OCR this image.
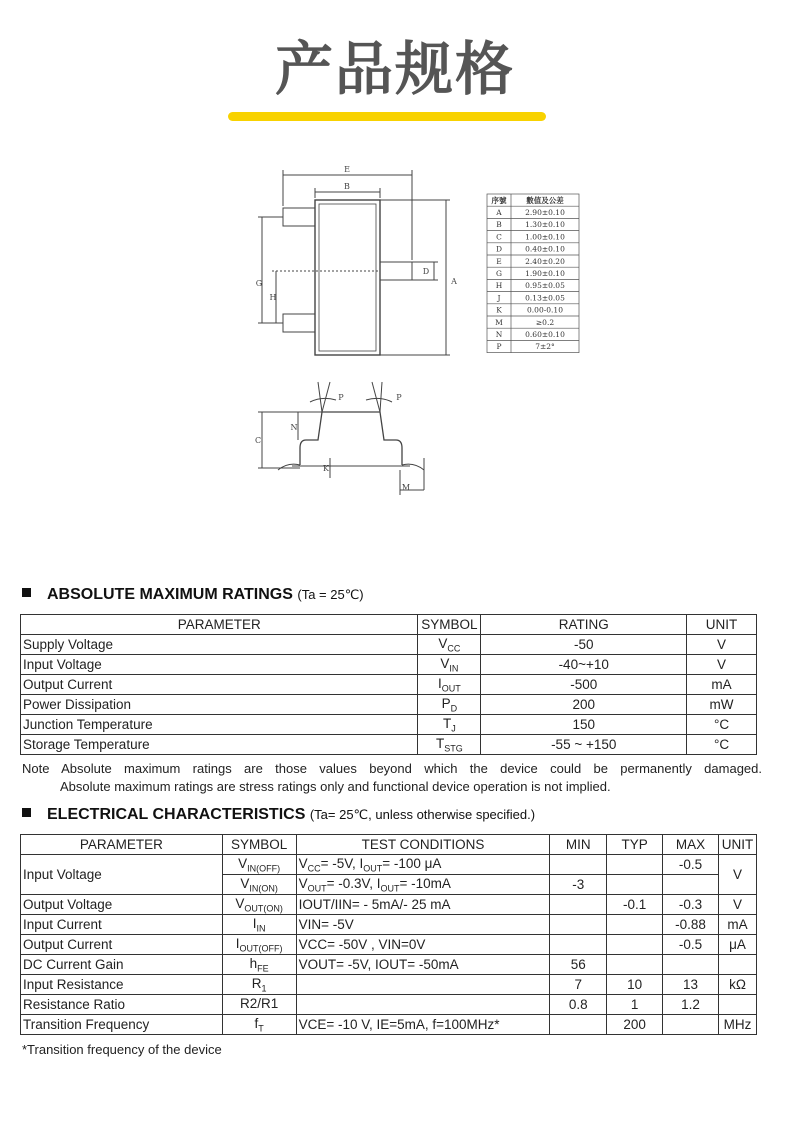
产品规格
E
B
G
H
D
A
P	P
N
C
K
M
序號	數值及公差
A	2.90±0.10
B	1.30±0.10
C	1.00±0.10
D	0.40±0.10
E	2.40±0.20
G	1.90±0.10
H	0.95±0.05
J	0.13±0.05
K	0.00-0.10
M	≥0.2
N	0.60±0.10
P	7±2°
ABSOLUTE MAXIMUM RATINGS (Ta = 25℃)
PARAMETER	SYMBOL	RATING	UNIT
Supply Voltage	$V_{CC}$	-50	V
Input Voltage	$V_{IN}$	-40~+10	V
Output Current	$I_{OUT}$	-500	mA
Power Dissipation	$P_D$	200	mW
Junction Temperature	$T_J$	150	°C
Storage Temperature	$T_{STG}$	-55 ~ +150	°C
Note Absolute maximum ratings are those values beyond which the device could be permanently damaged.
Absolute maximum ratings are stress ratings only and functional device operation is not implied.
ELECTRICAL CHARACTERISTICS (Ta= 25℃, unless otherwise specified.)
PARAMETER	SYMBOL	TEST CONDITIONS	MIN	TYP	MAX	UNIT
Input Voltage	$V_{IN(OFF)}$	$V_{CC}= -5V$, $I_{OUT}= -100$ μA			-0.5	V
	$V_{IN(ON)}$	$V_{OUT}= -0.3V$, $I_{OUT}= -10mA$	-3			
Output Voltage	$V_{OUT(ON)}$	IOUT/IIN= - 5mA/- 25 mA		-0.1	-0.3	V
Input Current	$I_{IN}$	VIN= -5V			-0.88	mA
Output Current	$I_{OUT(OFF)}$	VCC= -50V , VIN=0V			-0.5	μA
DC Current Gain	$h_{FE}$	VOUT= -5V, IOUT= -50mA	56			
Input Resistance	$R_1$		7	10	13	kΩ
Resistance Ratio	R2/R1		0.8	1	1.2	
Transition Frequency	$f_T$	VCE= -10 V, IE=5mA, f=100MHz*		200		MHz
*Transition frequency of the device
